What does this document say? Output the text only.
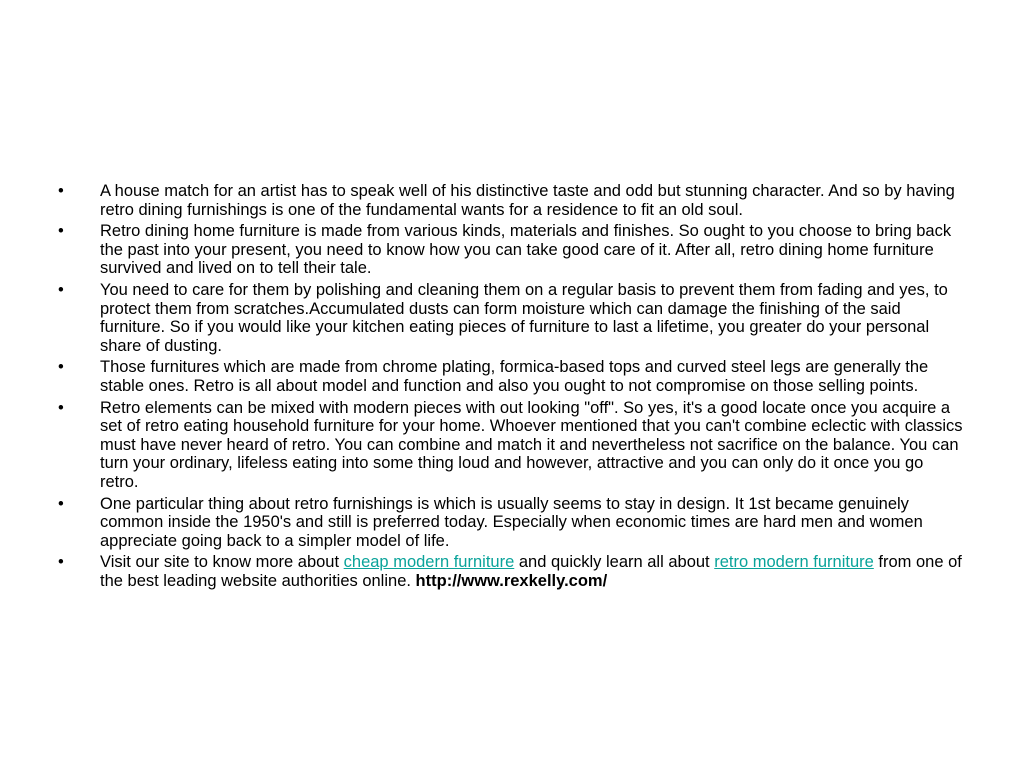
•	A house match for an artist has to speak well of his distinctive taste and odd but stunning character. And so by having retro dining furnishings is one of the fundamental wants for a residence to fit an old soul.
•	Retro dining home furniture is made from various kinds, materials and finishes. So ought to you choose to bring back the past into your present, you need to know how you can take good care of it. After all, retro dining home furniture survived and lived on to tell their tale.
•	You need to care for them by polishing and cleaning them on a regular basis to prevent them from fading and yes, to protect them from scratches.Accumulated dusts can form moisture which can damage the finishing of the said furniture. So if you would like your kitchen eating pieces of furniture to last a lifetime, you greater do your personal share of dusting.
•	Those furnitures which are made from chrome plating, formica-based tops and curved steel legs are generally the stable ones. Retro is all about model and function and also you ought to not compromise on those selling points.
•	Retro elements can be mixed with modern pieces with out looking "off". So yes, it's a good locate once you acquire a set of retro eating household furniture for your home. Whoever mentioned that you can't combine eclectic with classics must have never heard of retro. You can combine and match it and nevertheless not sacrifice on the balance. You can turn your ordinary, lifeless eating into some thing loud and however, attractive and you can only do it once you go retro.
•	One particular thing about retro furnishings is which is usually seems to stay in design. It 1st became genuinely common inside the 1950's and still is preferred today. Especially when economic times are hard men and women appreciate going back to a simpler model of life.
•	Visit our site to know more about cheap modern furniture and quickly learn all about retro modern furniture from one of the best leading website authorities online. http://www.rexkelly.com/
